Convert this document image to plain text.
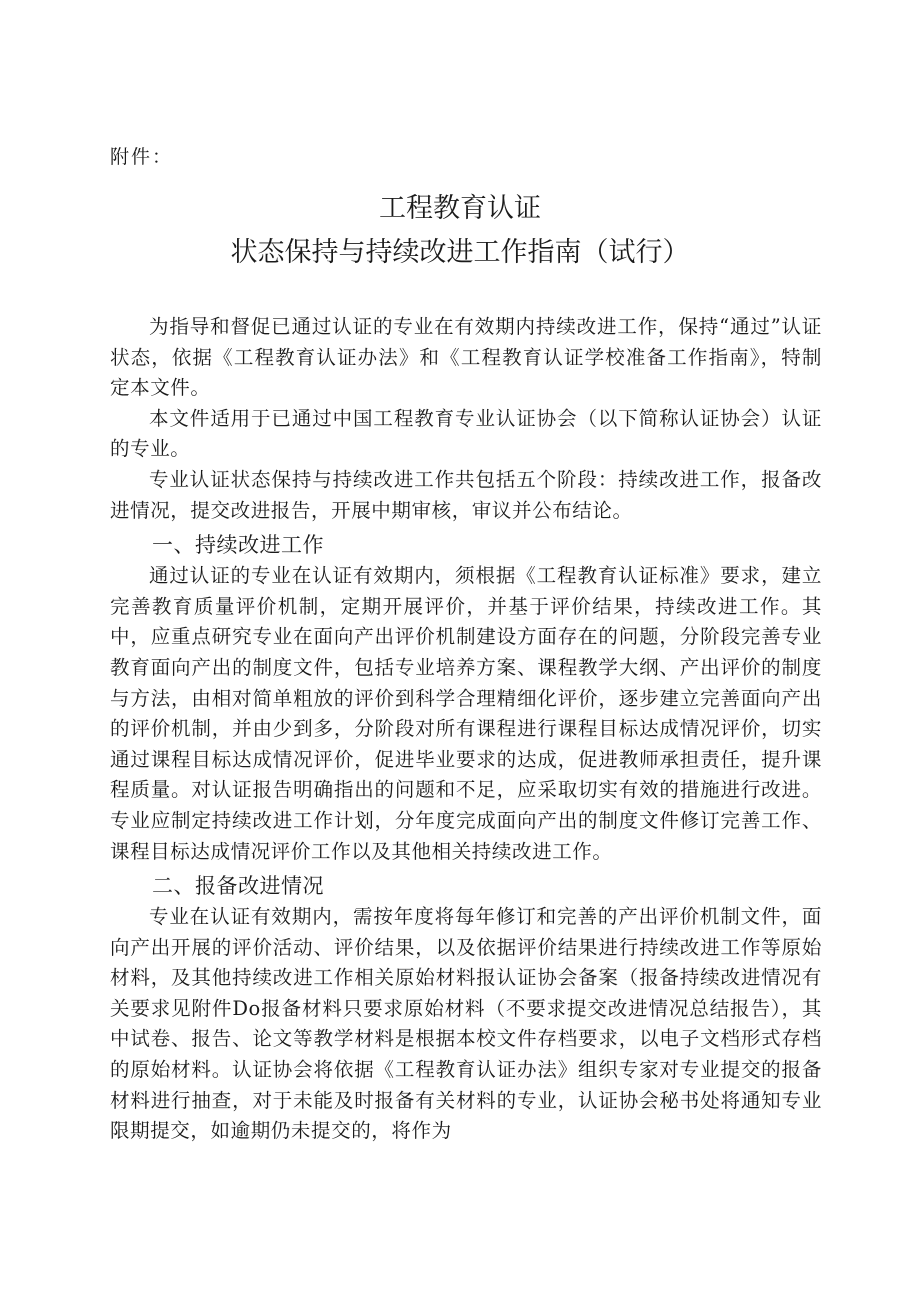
附件：
工程教育认证
状态保持与持续改进工作指南（试行）

为指导和督促已通过认证的专业在有效期内持续改进工作，保持“通过”认证状态，依据《工程教育认证办法》和《工程教育认证学校准备工作指南》，特制定本文件。

本文件适用于已通过中国工程教育专业认证协会（以下简称认证协会）认证的专业。

专业认证状态保持与持续改进工作共包括五个阶段：持续改进工作，报备改进情况，提交改进报告，开展中期审核，审议并公布结论。

一、持续改进工作

通过认证的专业在认证有效期内，须根据《工程教育认证标准》要求，建立完善教育质量评价机制，定期开展评价，并基于评价结果，持续改进工作。其中，应重点研究专业在面向产出评价机制建设方面存在的问题，分阶段完善专业教育面向产出的制度文件，包括专业培养方案、课程教学大纲、产出评价的制度与方法，由相对简单粗放的评价到科学合理精细化评价，逐步建立完善面向产出的评价机制，并由少到多，分阶段对所有课程进行课程目标达成情况评价，切实通过课程目标达成情况评价，促进毕业要求的达成，促进教师承担责任，提升课程质量。对认证报告明确指出的问题和不足，应采取切实有效的措施进行改进。专业应制定持续改进工作计划，分年度完成面向产出的制度文件修订完善工作、课程目标达成情况评价工作以及其他相关持续改进工作。

二、报备改进情况

专业在认证有效期内，需按年度将每年修订和完善的产出评价机制文件，面向产出开展的评价活动、评价结果，以及依据评价结果进行持续改进工作等原始材料，及其他持续改进工作相关原始材料报认证协会备案（报备持续改进情况有关要求见附件Do报备材料只要求原始材料（不要求提交改进情况总结报告），其中试卷、报告、论文等教学材料是根据本校文件存档要求，以电子文档形式存档的原始材料。认证协会将依据《工程教育认证办法》组织专家对专业提交的报备材料进行抽查，对于未能及时报备有关材料的专业，认证协会秘书处将通知专业限期提交，如逾期仍未提交的，将作为
